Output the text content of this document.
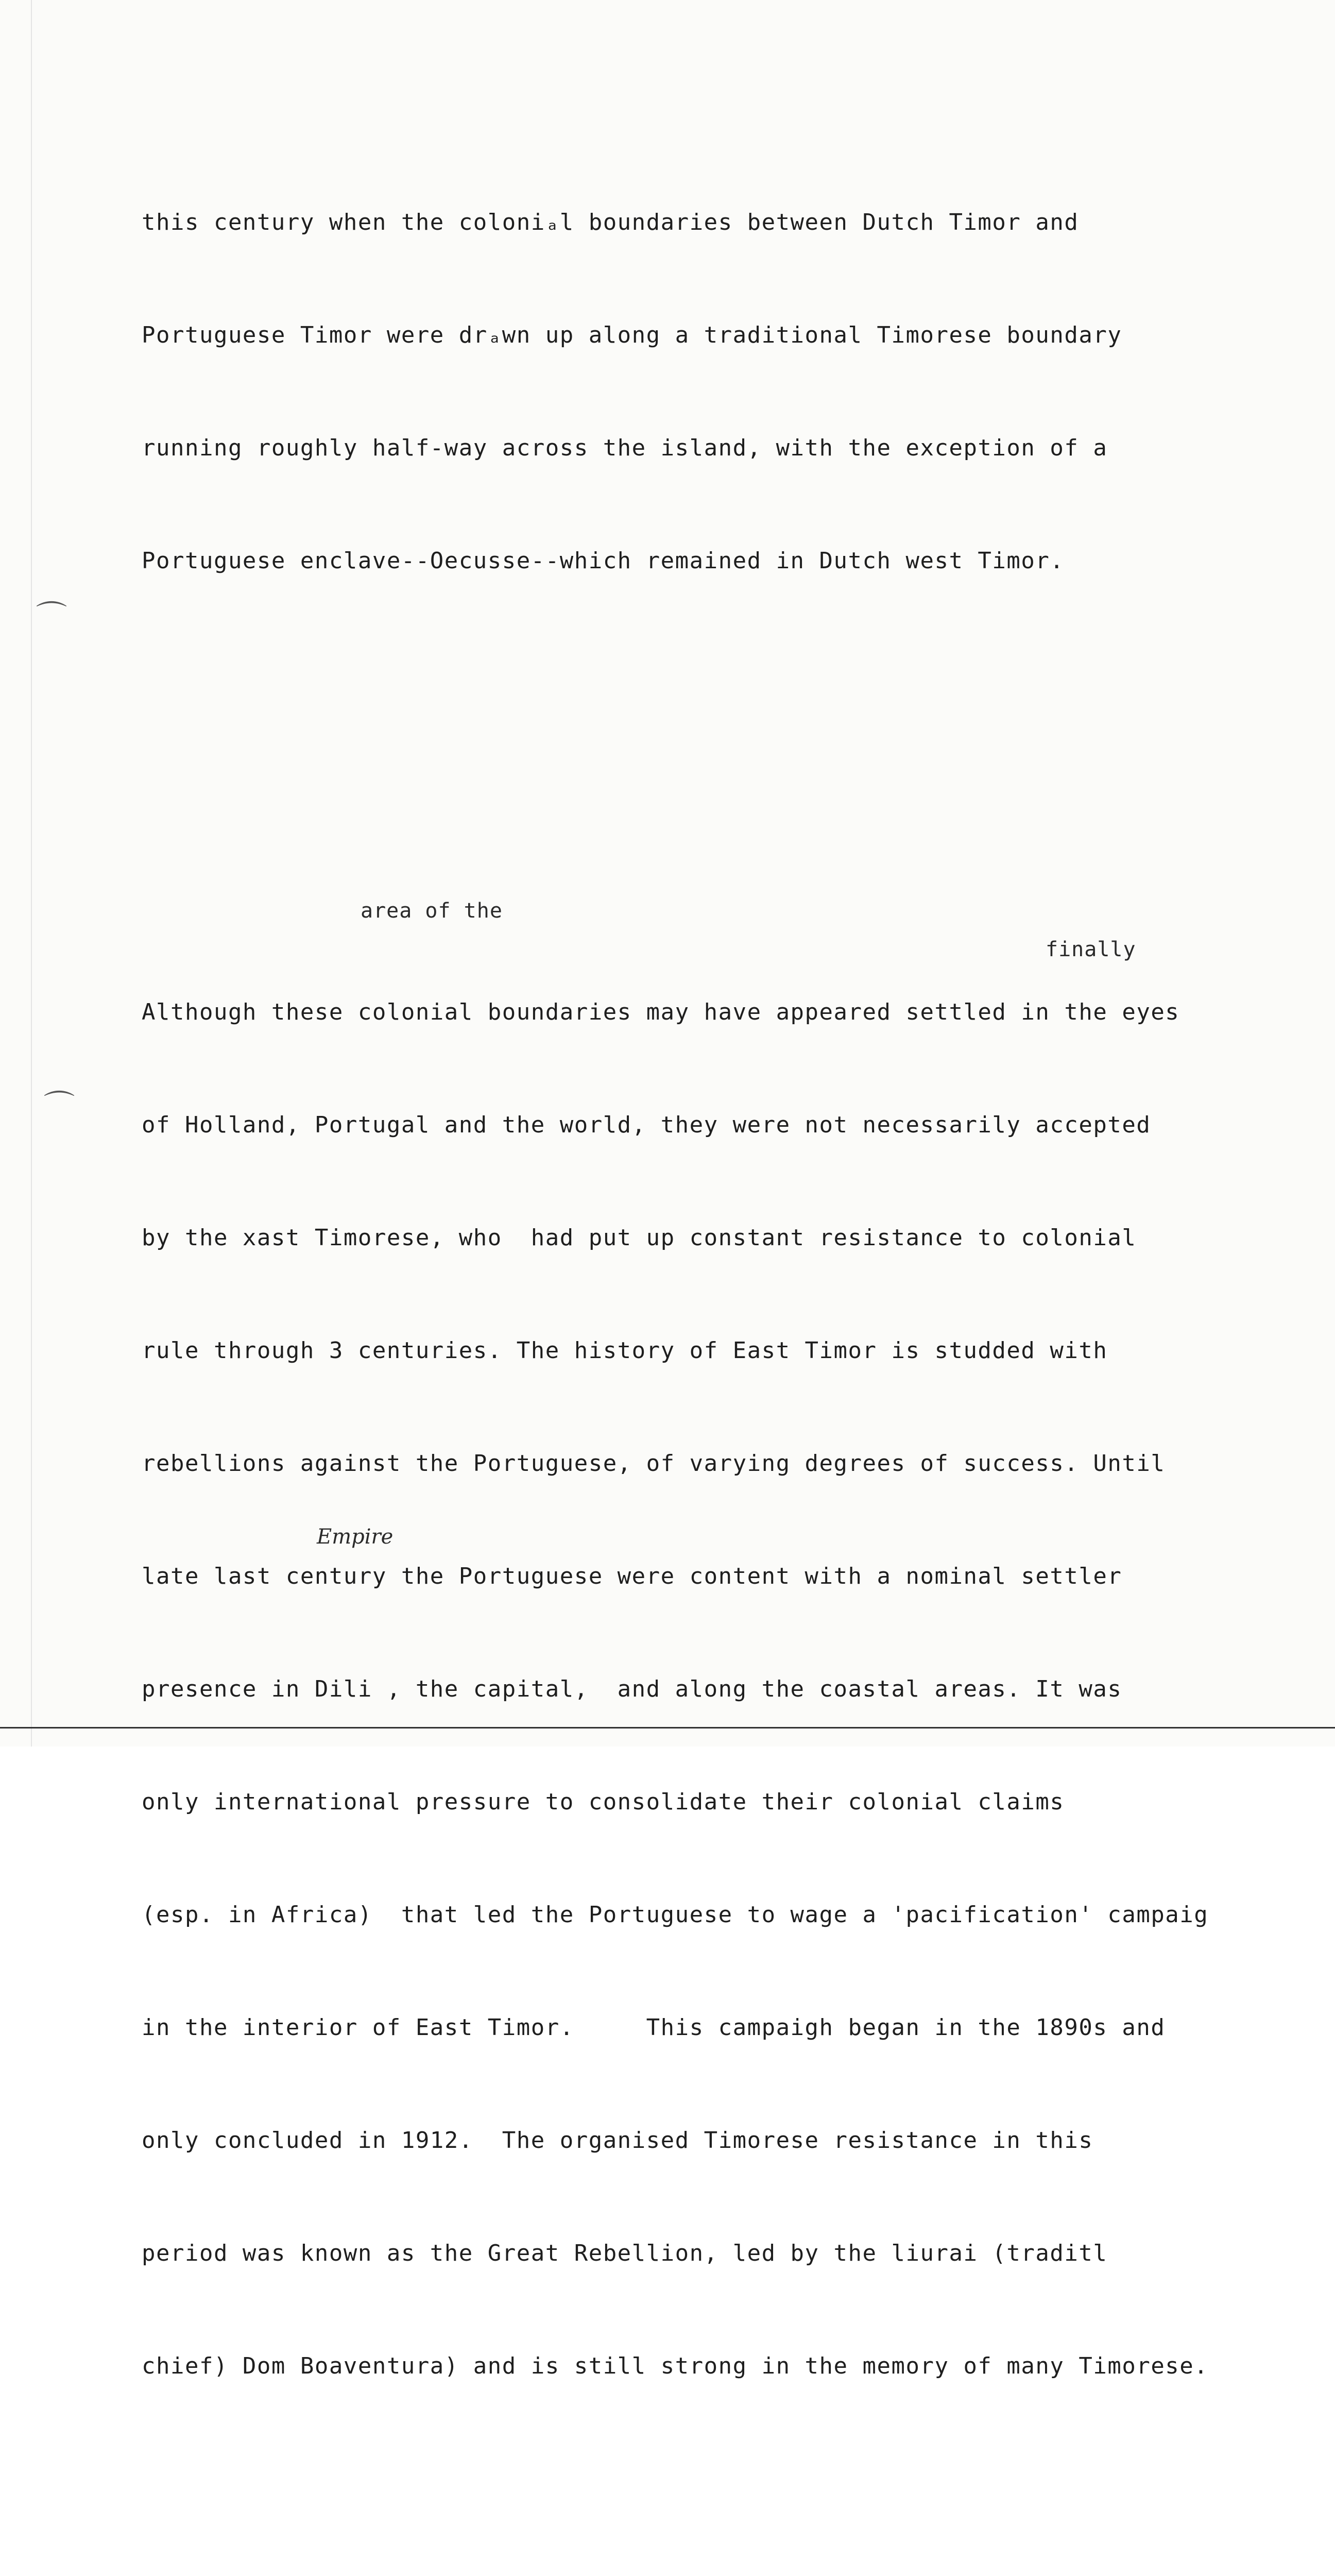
this century when the coloniₐl boundaries between Dutch Timor and

Portuguese Timor were drₐwn up along a traditional Timorese boundary

running roughly half-way across the island, with the exception of a

Portuguese enclave--Oecusse--which remained in Dutch west Timor.

Although these colonial boundaries may have appeared settled in the eyes

of Holland, Portugal and the world, they were not necessarily accepted

by the xast Timorese, who  had put up constant resistance to colonial

rule through 3 centuries. The history of East Timor is studded with

rebellions against the Portuguese, of varying degrees of success. Until

late last century the Portuguese were content with a nominal settler

presence in Dili , the capital,  and along the coastal areas. It was

only international pressure to consolidate their colonial claims

(esp. in Africa)  that led the Portuguese to wage a 'pacification' campaig

in the interior of East Timor.     This campaigh began in the 1890s and

only concluded in 1912.  The organised Timorese resistance in this

period was known as the Great Rebellion, led by the liurai (traditl

chief) Dom Boaventura) and is still strong in the memory of many Timorese.

area of the
finally
Empire
⌒
⌒
